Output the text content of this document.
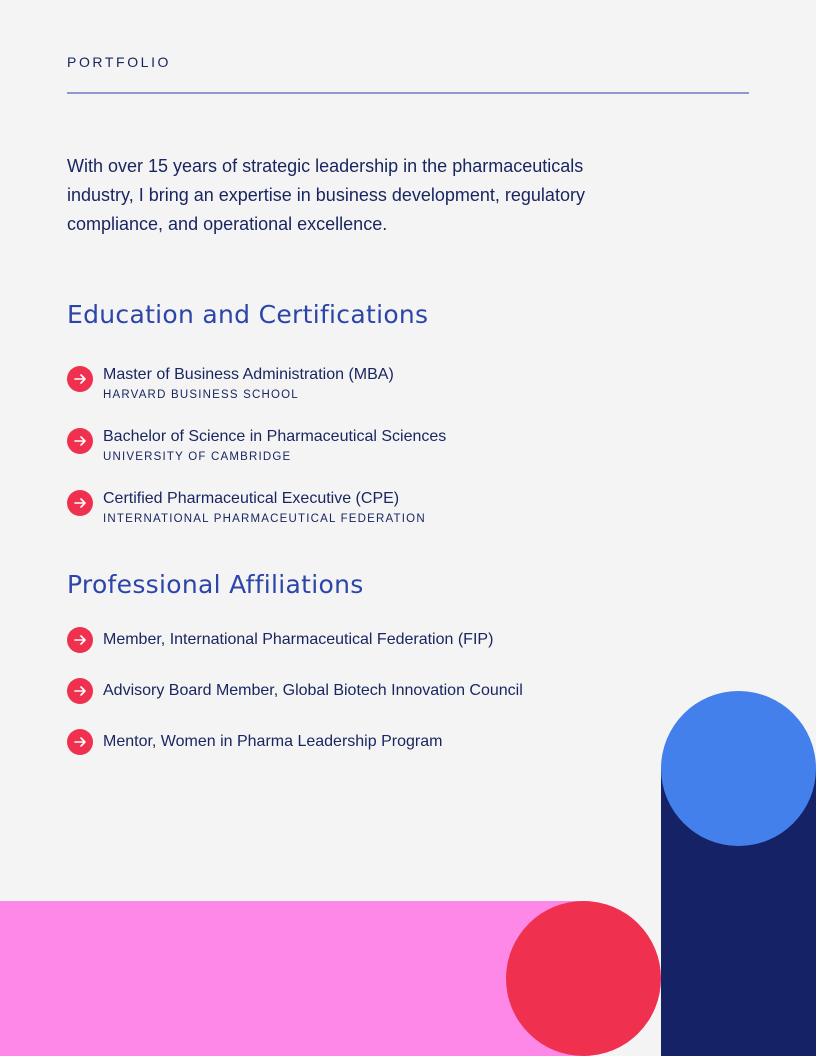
PORTFOLIO

With over 15 years of strategic leadership in the pharmaceuticals industry, I bring an expertise in business development, regulatory compliance, and operational excellence.

Education and Certifications
Master of Business Administration (MBA)
HARVARD BUSINESS SCHOOL
Bachelor of Science in Pharmaceutical Sciences
UNIVERSITY OF CAMBRIDGE
Certified Pharmaceutical Executive (CPE)
INTERNATIONAL PHARMACEUTICAL FEDERATION
Professional Affiliations
Member, International Pharmaceutical Federation (FIP)
Advisory Board Member, Global Biotech Innovation Council
Mentor, Women in Pharma Leadership Program
